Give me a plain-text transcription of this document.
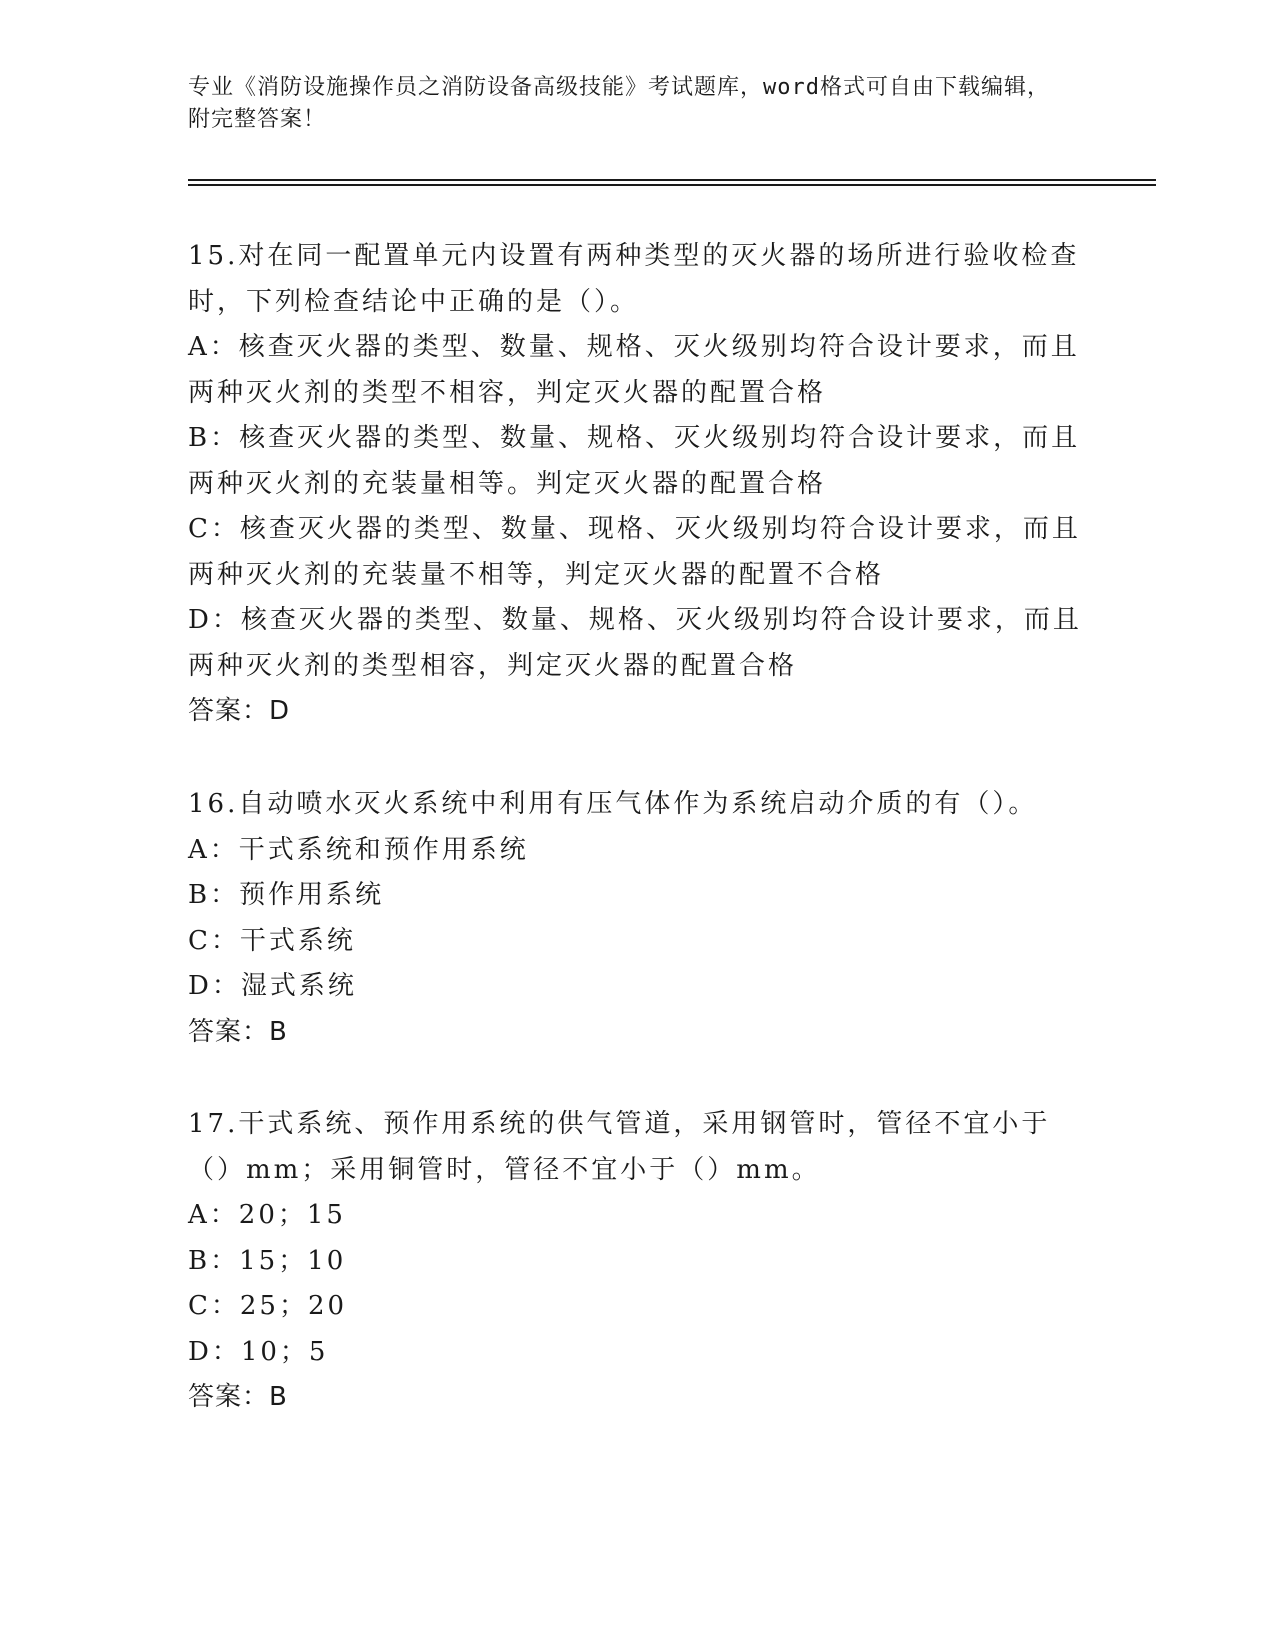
专业《消防设施操作员之消防设备高级技能》考试题库，word格式可自由下载编辑，附完整答案！

15.对在同一配置单元内设置有两种类型的灭火器的场所进行验收检查时，下列检查结论中正确的是（）。

A：核查灭火器的类型、数量、规格、灭火级别均符合设计要求，而且两种灭火剂的类型不相容，判定灭火器的配置合格

B：核查灭火器的类型、数量、规格、灭火级别均符合设计要求，而且两种灭火剂的充装量相等。判定灭火器的配置合格

C：核查灭火器的类型、数量、现格、灭火级别均符合设计要求，而且两种灭火剂的充装量不相等，判定灭火器的配置不合格

D：核查灭火器的类型、数量、规格、灭火级别均符合设计要求，而且两种灭火剂的类型相容，判定灭火器的配置合格

答案：D

16.自动喷水灭火系统中利用有压气体作为系统启动介质的有（）。

A：干式系统和预作用系统

B：预作用系统

C：干式系统

D：湿式系统

答案：B

17.干式系统、预作用系统的供气管道，采用钢管时，管径不宜小于（）mm；采用铜管时，管径不宜小于（）mm。

A：20；15

B：15；10

C：25；20

D：10；5

答案：B
